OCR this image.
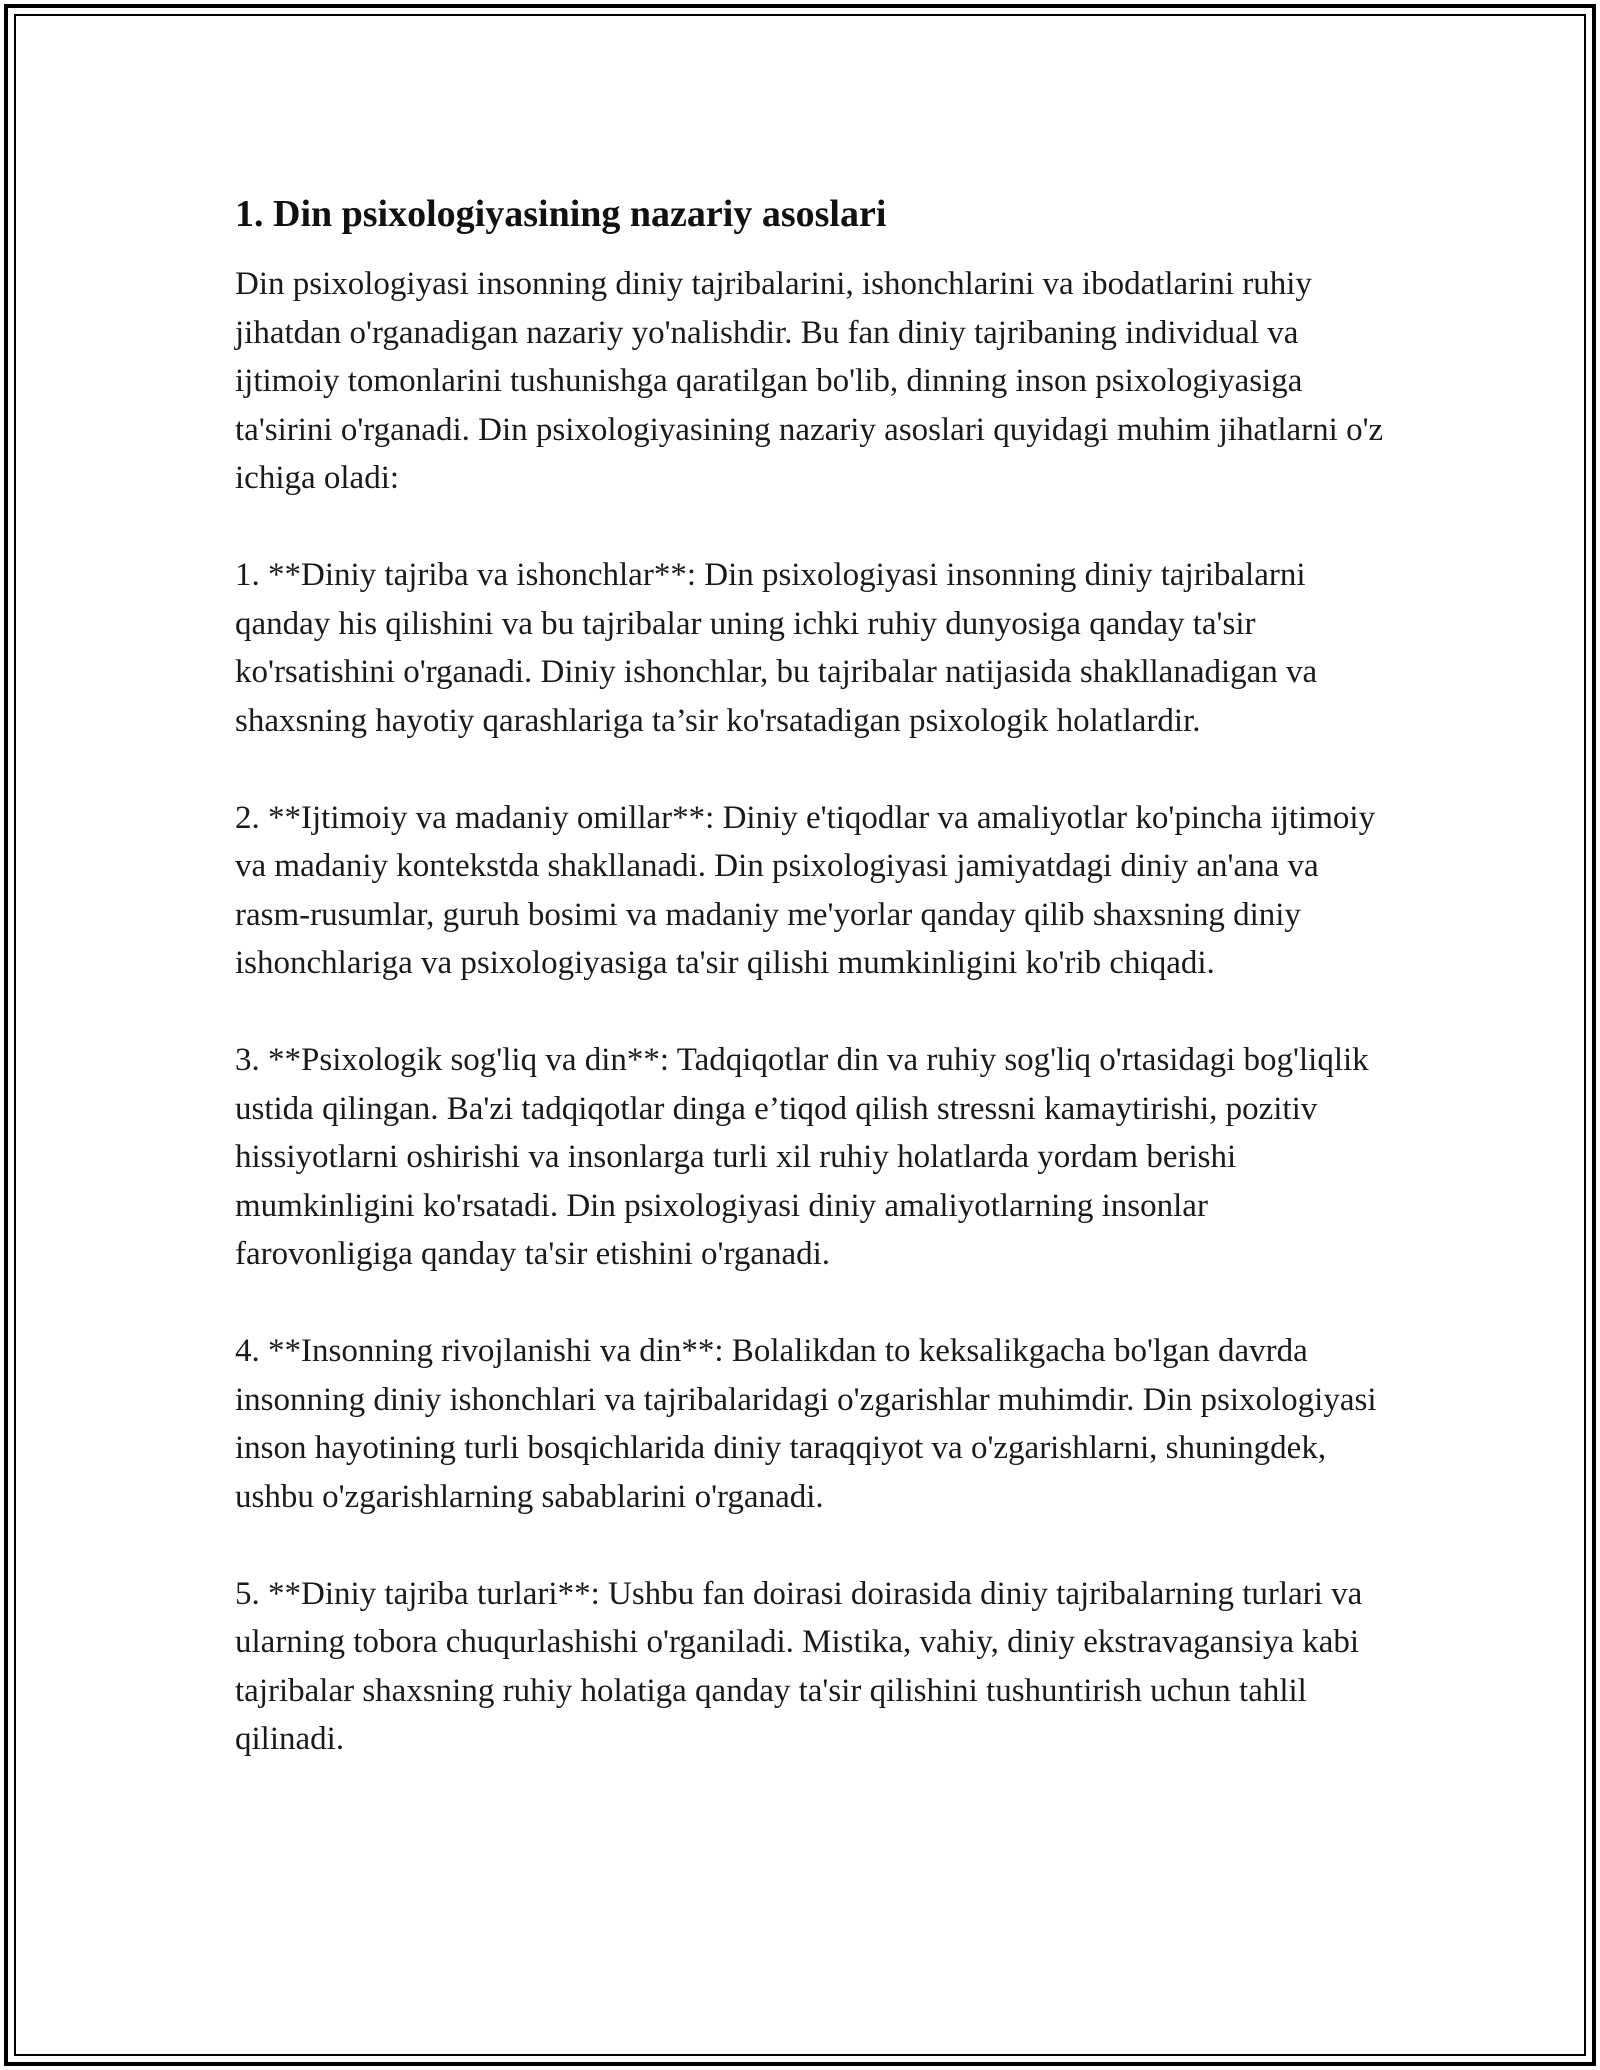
1. Din psixologiyasining nazariy asoslari

Din psixologiyasi insonning diniy tajribalarini, ishonchlarini va ibodatlarini ruhiy jihatdan o'rganadigan nazariy yo'nalishdir. Bu fan diniy tajribaning individual va ijtimoiy tomonlarini tushunishga qaratilgan bo'lib, dinning inson psixologiyasiga ta'sirini o'rganadi. Din psixologiyasining nazariy asoslari quyidagi muhim jihatlarni o'z ichiga oladi:

1. **Diniy tajriba va ishonchlar**: Din psixologiyasi insonning diniy tajribalarni qanday his qilishini va bu tajribalar uning ichki ruhiy dunyosiga qanday ta'sir ko'rsatishini o'rganadi. Diniy ishonchlar, bu tajribalar natijasida shakllanadigan va shaxsning hayotiy qarashlariga ta’sir ko'rsatadigan psixologik holatlardir.

2. **Ijtimoiy va madaniy omillar**: Diniy e'tiqodlar va amaliyotlar ko'pincha ijtimoiy va madaniy kontekstda shakllanadi. Din psixologiyasi jamiyatdagi diniy an'ana va rasm-rusumlar, guruh bosimi va madaniy me'yorlar qanday qilib shaxsning diniy ishonchlariga va psixologiyasiga ta'sir qilishi mumkinligini ko'rib chiqadi.

3. **Psixologik sog'liq va din**: Tadqiqotlar din va ruhiy sog'liq o'rtasidagi bog'liqlik ustida qilingan. Ba'zi tadqiqotlar dinga e’tiqod qilish stressni kamaytirishi, pozitiv hissiyotlarni oshirishi va insonlarga turli xil ruhiy holatlarda yordam berishi mumkinligini ko'rsatadi. Din psixologiyasi diniy amaliyotlarning insonlar farovonligiga qanday ta'sir etishini o'rganadi.

4. **Insonning rivojlanishi va din**: Bolalikdan to keksalikgacha bo'lgan davrda insonning diniy ishonchlari va tajribalaridagi o'zgarishlar muhimdir. Din psixologiyasi inson hayotining turli bosqichlarida diniy taraqqiyot va o'zgarishlarni, shuningdek, ushbu o'zgarishlarning sabablarini o'rganadi.

5. **Diniy tajriba turlari**: Ushbu fan doirasi doirasida diniy tajribalarning turlari va ularning tobora chuqurlashishi o'rganiladi. Mistika, vahiy, diniy ekstravagansiya kabi tajribalar shaxsning ruhiy holatiga qanday ta'sir qilishini tushuntirish uchun tahlil qilinadi.
